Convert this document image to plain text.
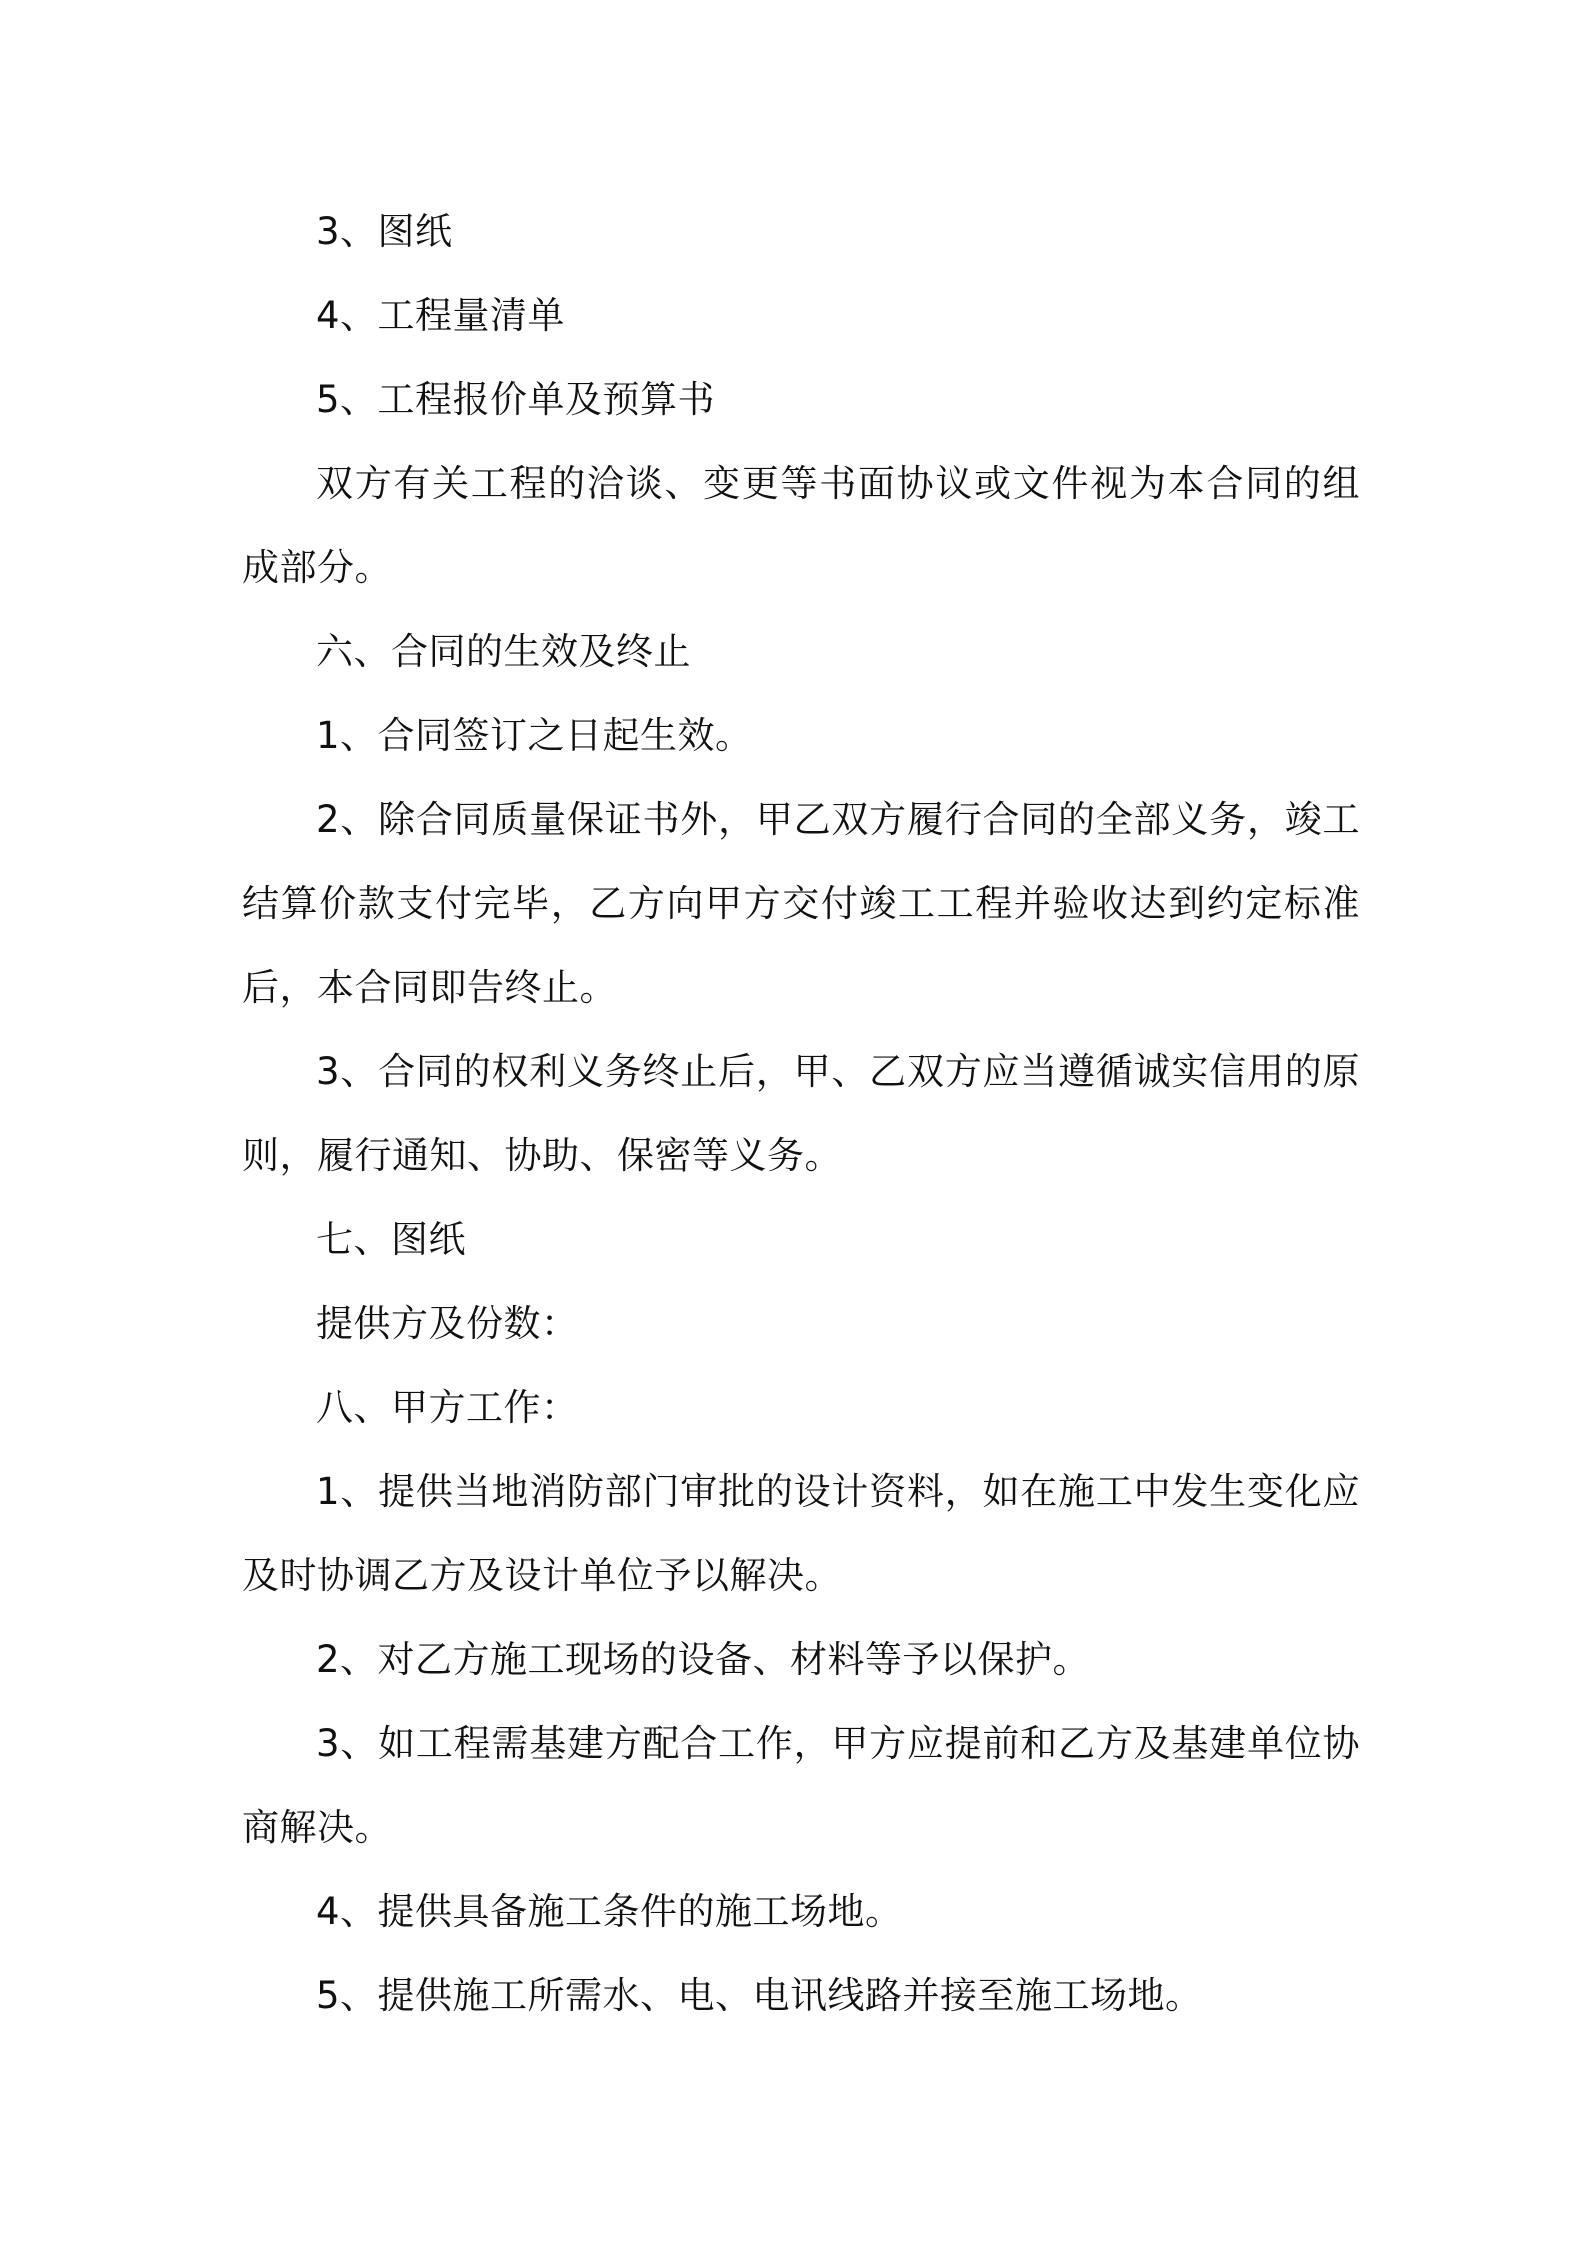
3、图纸

4、工程量清单

5、工程报价单及预算书

双方有关工程的洽谈、变更等书面协议或文件视为本合同的组成部分。

六、合同的生效及终止

1、合同签订之日起生效。

2、除合同质量保证书外，甲乙双方履行合同的全部义务，竣工结算价款支付完毕，乙方向甲方交付竣工工程并验收达到约定标准后，本合同即告终止。

3、合同的权利义务终止后，甲、乙双方应当遵循诚实信用的原则，履行通知、协助、保密等义务。

七、图纸

提供方及份数：

八、甲方工作：

1、提供当地消防部门审批的设计资料，如在施工中发生变化应及时协调乙方及设计单位予以解决。

2、对乙方施工现场的设备、材料等予以保护。

3、如工程需基建方配合工作，甲方应提前和乙方及基建单位协商解决。

4、提供具备施工条件的施工场地。

5、提供施工所需水、电、电讯线路并接至施工场地。
